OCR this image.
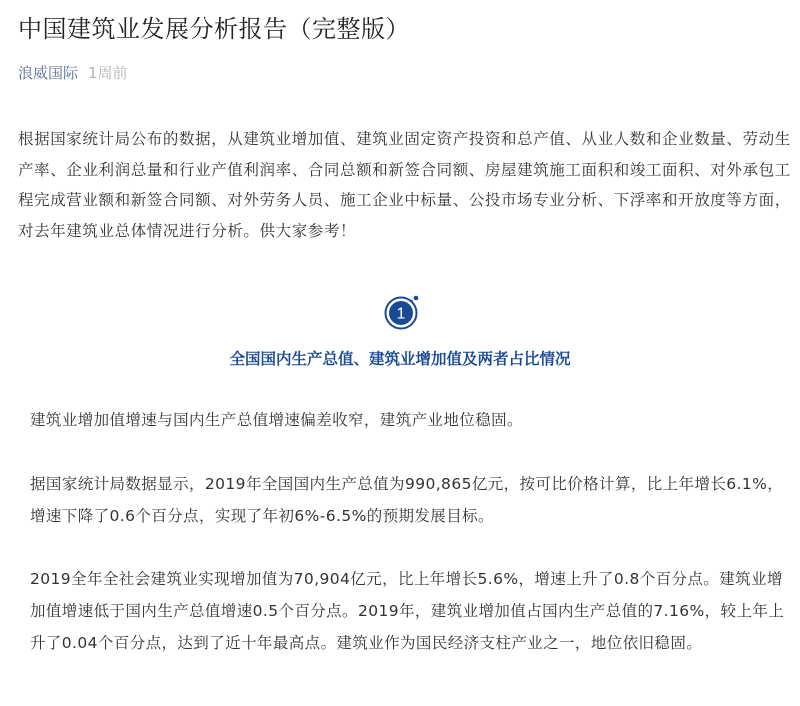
中国建筑业发展分析报告（完整版）
浪威国际 1周前
根据国家统计局公布的数据，从建筑业增加值、建筑业固定资产投资和总产值、从业人数和企业数量、劳动生产率、企业利润总量和行业产值利润率、合同总额和新签合同额、房屋建筑施工面积和竣工面积、对外承包工程完成营业额和新签合同额、对外劳务人员、施工企业中标量、公投市场专业分析、下浮率和开放度等方面，对去年建筑业总体情况进行分析。供大家参考！
1
全国国内生产总值、建筑业增加值及两者占比情况
建筑业增加值增速与国内生产总值增速偏差收窄，建筑产业地位稳固。
据国家统计局数据显示，2019年全国国内生产总值为990,865亿元，按可比价格计算，比上年增长6.1%，增速下降了0.6个百分点，实现了年初6%-6.5%的预期发展目标。
2019全年全社会建筑业实现增加值为70,904亿元，比上年增长5.6%，增速上升了0.8个百分点。建筑业增加值增速低于国内生产总值增速0.5个百分点。2019年，建筑业增加值占国内生产总值的7.16%，较上年上升了0.04个百分点，达到了近十年最高点。建筑业作为国民经济支柱产业之一，地位依旧稳固。
